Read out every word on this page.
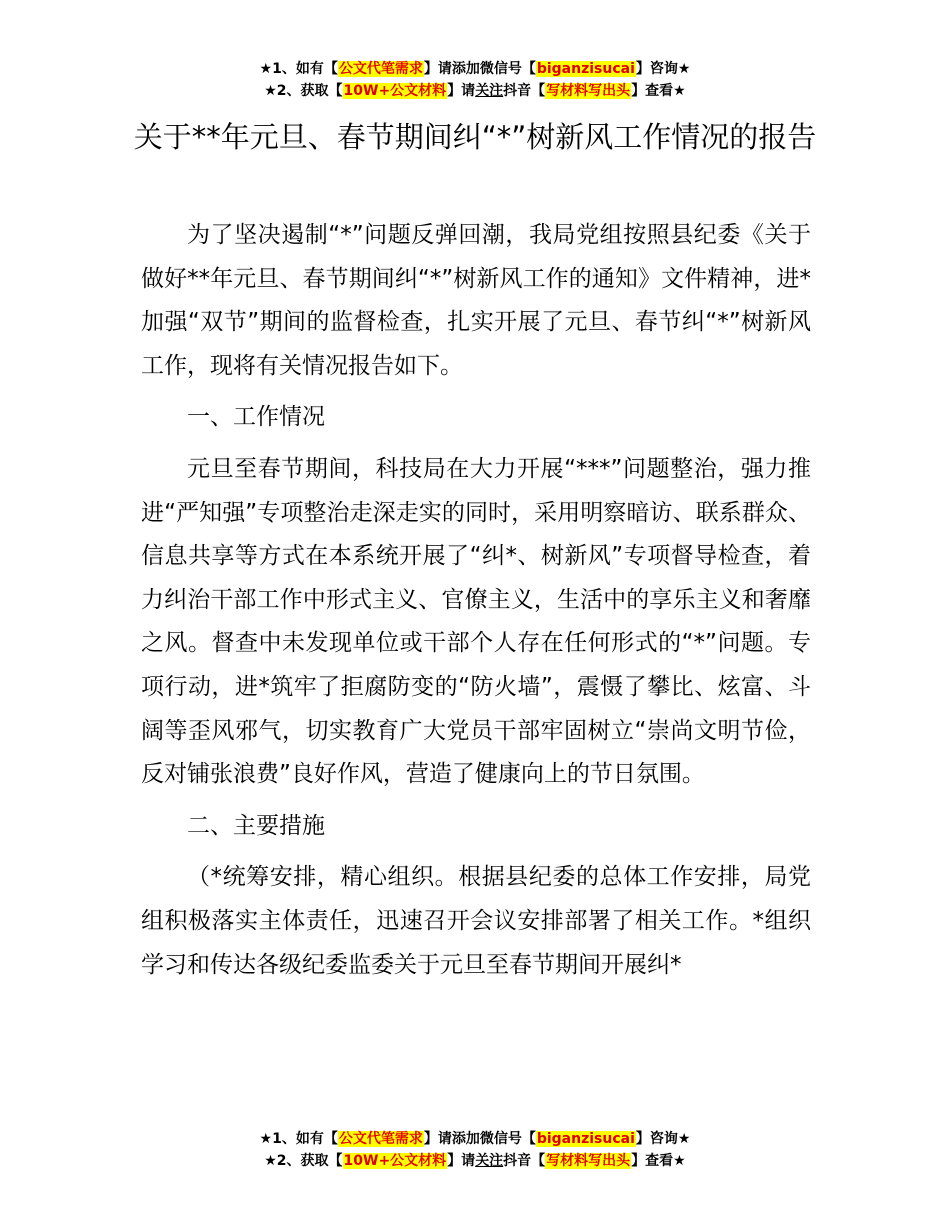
★1、如有【公文代笔需求】请添加微信号【biganzisucai】咨询★
★2、获取【10W+公文材料】请关注抖音【写材料写出头】查看★
关于**年元旦、春节期间纠“*”树新风工作情况的报告

为了坚决遏制“*”问题反弹回潮，我局党组按照县纪委《关于做好**年元旦、春节期间纠“*”树新风工作的通知》文件精神，进*加强“双节”期间的监督检查，扎实开展了元旦、春节纠“*”树新风工作，现将有关情况报告如下。

一、工作情况

元旦至春节期间，科技局在大力开展“***”问题整治，强力推进“严知强”专项整治走深走实的同时，采用明察暗访、联系群众、信息共享等方式在本系统开展了“纠*、树新风”专项督导检查，着力纠治干部工作中形式主义、官僚主义，生活中的享乐主义和奢靡之风。督查中未发现单位或干部个人存在任何形式的“*”问题。专项行动，进*筑牢了拒腐防变的“防火墙”，震慑了攀比、炫富、斗阔等歪风邪气，切实教育广大党员干部牢固树立“崇尚文明节俭，反对铺张浪费”良好作风，营造了健康向上的节日氛围。

二、主要措施

（*统筹安排，精心组织。根据县纪委的总体工作安排，局党组积极落实主体责任，迅速召开会议安排部署了相关工作。*组织学习和传达各级纪委监委关于元旦至春节期间开展纠*

★1、如有【公文代笔需求】请添加微信号【biganzisucai】咨询★
★2、获取【10W+公文材料】请关注抖音【写材料写出头】查看★
